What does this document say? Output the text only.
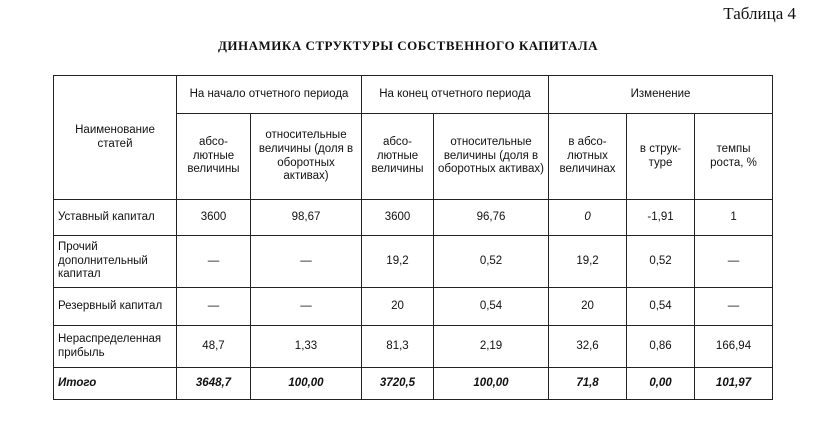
Таблица 4
ДИНАМИКА СТРУКТУРЫ СОБСТВЕННОГО КАПИТАЛА
Наименование статей	На начало отчетного периода		На конец отчетного периода		Изменение		
	абсо-лютные величины	относительные величины (доля в оборотных активах)	абсо-лютные величины	относительные величины (доля в оборотных активах)	в абсо-лютных величинах	в струк-туре	темпы роста, %
Уставный капитал	3600	98,67	3600	96,76	0	-1,91	1
Прочий дополнительный капитал	—	—	19,2	0,52	19,2	0,52	—
Резервный капитал	—	—	20	0,54	20	0,54	—
Нераспределенная прибыль	48,7	1,33	81,3	2,19	32,6	0,86	166,94
Итого	3648,7	100,00	3720,5	100,00	71,8	0,00	101,97
